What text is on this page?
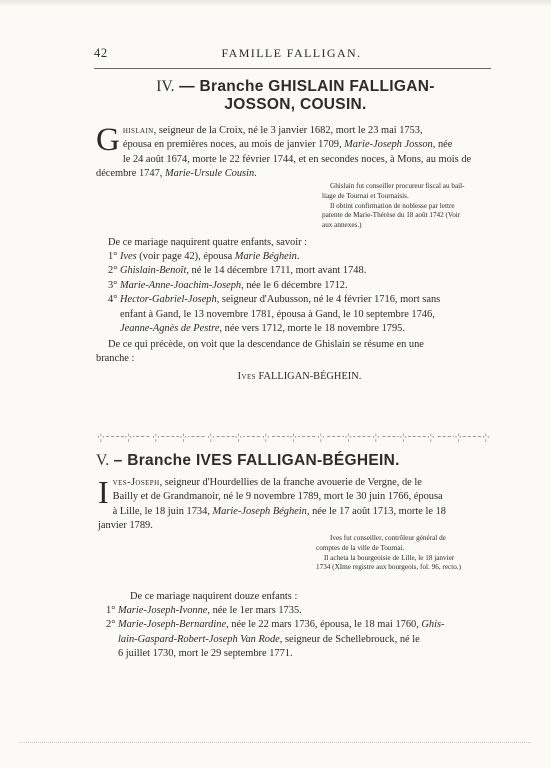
42	FAMILLE FALLIGAN.
IV. — Branche GHISLAIN FALLIGAN-
JOSSON, COUSIN.

G hislain, seigneur de la Croix, né le 3 janvier 1682, mort le 23 mai 1753,
épousa en premières noces, au mois de janvier 1709, Marie-Joseph Josson, née
le 24 août 1674, morte le 22 février 1744, et en secondes noces, à Mons, au mois de
décembre 1747, Marie-Ursule Cousin.

Ghislain fut conseiller procureur fiscal au bail-

liage de Tournai et Tournaisis.

Il obtint confirmation de noblesse par lettre

patente de Marie-Thérèse du 18 août 1742 (Voir

aux annexes.)

De ce mariage naquirent quatre enfants, savoir :

1° Ives (voir page 42), épousa Marie Béghein.
2° Ghislain-Benoît, né le 14 décembre 1711, mort avant 1748.
3° Marie-Anne-Joachim-Joseph, née le 6 décembre 1712.
4° Hector-Gabriel-Joseph, seigneur d'Aubusson, né le 4 février 1716, mort sans
enfant à Gand, le 13 novembre 1781, épousa à Gand, le 10 septembre 1746,
Jeanne-Agnès de Pestre, née vers 1712, morte le 18 novembre 1795.

De ce qui précède, on voit que la descendance de Ghislain se résume en une

branche :

Ives FALLIGAN-BÉGHEIN.

·¦· ·¦· ·¦· ·¦· ·¦· ·¦· ·¦· ·¦· ·¦· ·¦· ·¦· ·¦· ·¦· ·¦· ·¦·
V. – Branche IVES FALLIGAN-BÉGHEIN.

I ves-Joseph, seigneur d'Hourdellies de la franche avouerie de Vergne, de le
Bailly et de Grandmanoir, né le 9 novembre 1789, mort le 30 juin 1766, épousa
à Lille, le 18 juin 1734, Marie-Joseph Béghein, née le 17 août 1713, morte le 18
janvier 1789.

Ives fut conseiller, contrôleur général de

comptes de la ville de Tournai.

Il acheta la bourgeoisie de Lille, le 18 janvier

1734 (XIme registre aux bourgeois, fol. 96, recto.)

De ce mariage naquirent douze enfants :

1° Marie-Joseph-Ivonne, née le 1er mars 1735.
2° Marie-Joseph-Bernardine, née le 22 mars 1736, épousa, le 18 mai 1760, Ghis-
lain-Gaspard-Robert-Joseph Van Rode, seigneur de Schellebrouck, né le
6 juillet 1730, mort le 29 septembre 1771.
